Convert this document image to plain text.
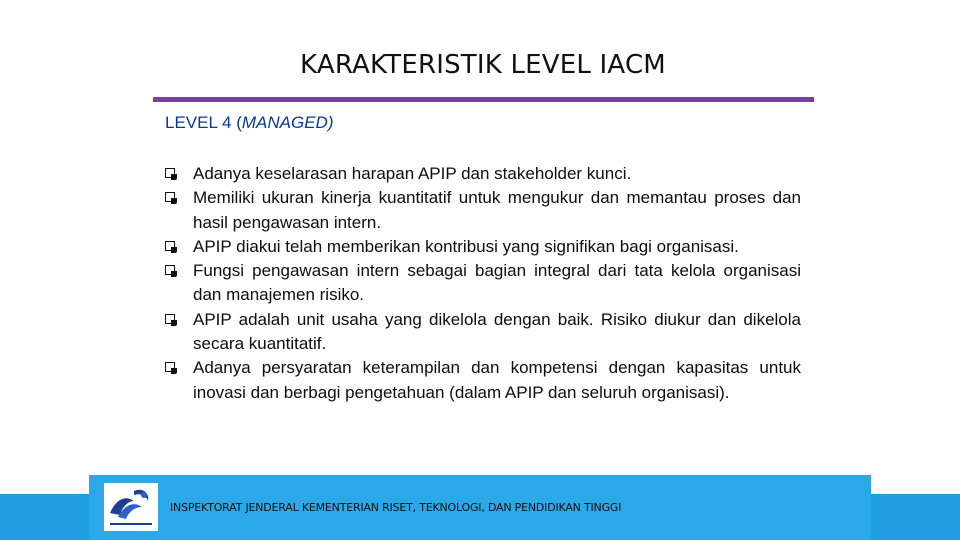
KARAKTERISTIK LEVEL IACM
LEVEL 4 (MANAGED)
Adanya keselarasan harapan APIP dan stakeholder kunci.
Memiliki ukuran kinerja kuantitatif untuk mengukur dan memantau proses dan hasil pengawasan intern.
APIP diakui telah memberikan kontribusi yang signifikan bagi organisasi.
Fungsi pengawasan intern sebagai bagian integral dari tata kelola organisasi dan manajemen risiko.
APIP adalah unit usaha yang dikelola dengan baik. Risiko diukur dan dikelola secara kuantitatif.
Adanya persyaratan keterampilan dan kompetensi dengan kapasitas untuk inovasi dan berbagi pengetahuan (dalam APIP dan seluruh organisasi).
INSPEKTORAT JENDERAL KEMENTERIAN RISET, TEKNOLOGI, DAN PENDIDIKAN TINGGI
